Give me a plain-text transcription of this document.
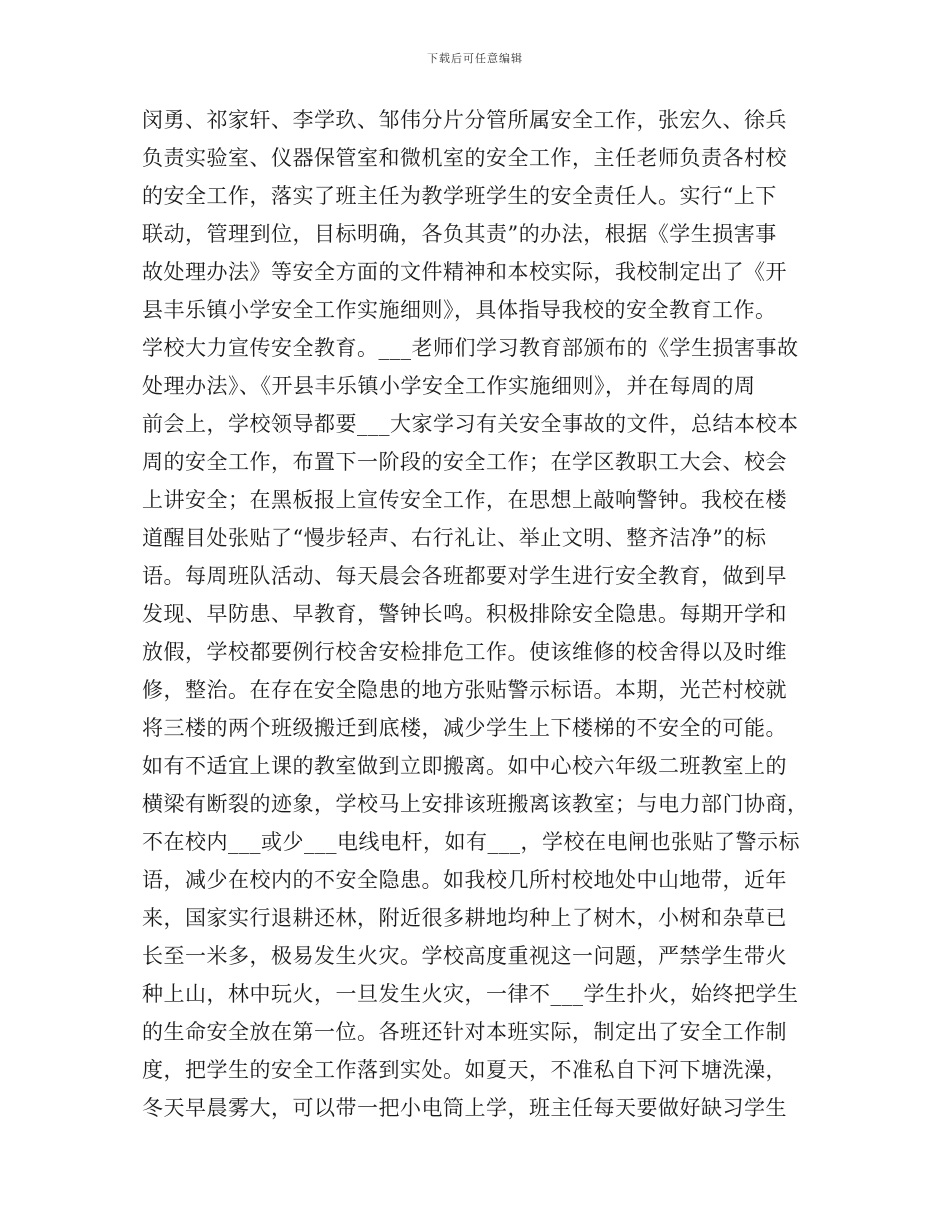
下载后可任意编辑
闵勇、祁家轩、李学玖、邹伟分片分管所属安全工作，张宏久、徐兵
负责实验室、仪器保管室和微机室的安全工作，主任老师负责各村校
的安全工作，落实了班主任为教学班学生的安全责任人。实行“上下
联动，管理到位，目标明确，各负其责”的办法，根据《学生损害事
故处理办法》等安全方面的文件精神和本校实际，我校制定出了《开
县丰乐镇小学安全工作实施细则》，具体指导我校的安全教育工作。
学校大力宣传安全教育。___老师们学习教育部颁布的《学生损害事故
处理办法》、《开县丰乐镇小学安全工作实施细则》，并在每周的周
前会上，学校领导都要___大家学习有关安全事故的文件，总结本校本
周的安全工作，布置下一阶段的安全工作；在学区教职工大会、校会
上讲安全；在黑板报上宣传安全工作，在思想上敲响警钟。我校在楼
道醒目处张贴了“慢步轻声、右行礼让、举止文明、整齐洁净”的标
语。每周班队活动、每天晨会各班都要对学生进行安全教育，做到早
发现、早防患、早教育，警钟长鸣。积极排除安全隐患。每期开学和
放假，学校都要例行校舍安检排危工作。使该维修的校舍得以及时维
修，整治。在存在安全隐患的地方张贴警示标语。本期，光芒村校就
将三楼的两个班级搬迁到底楼，减少学生上下楼梯的不安全的可能。
如有不适宜上课的教室做到立即搬离。如中心校六年级二班教室上的
横梁有断裂的迹象，学校马上安排该班搬离该教室；与电力部门协商，
不在校内___或少___电线电杆，如有___，学校在电闸也张贴了警示标
语，减少在校内的不安全隐患。如我校几所村校地处中山地带，近年
来，国家实行退耕还林，附近很多耕地均种上了树木，小树和杂草已
长至一米多，极易发生火灾。学校高度重视这一问题，严禁学生带火
种上山，林中玩火，一旦发生火灾，一律不___学生扑火，始终把学生
的生命安全放在第一位。各班还针对本班实际，制定出了安全工作制
度，把学生的安全工作落到实处。如夏天，不准私自下河下塘洗澡，
冬天早晨雾大，可以带一把小电筒上学，班主任每天要做好缺习学生
